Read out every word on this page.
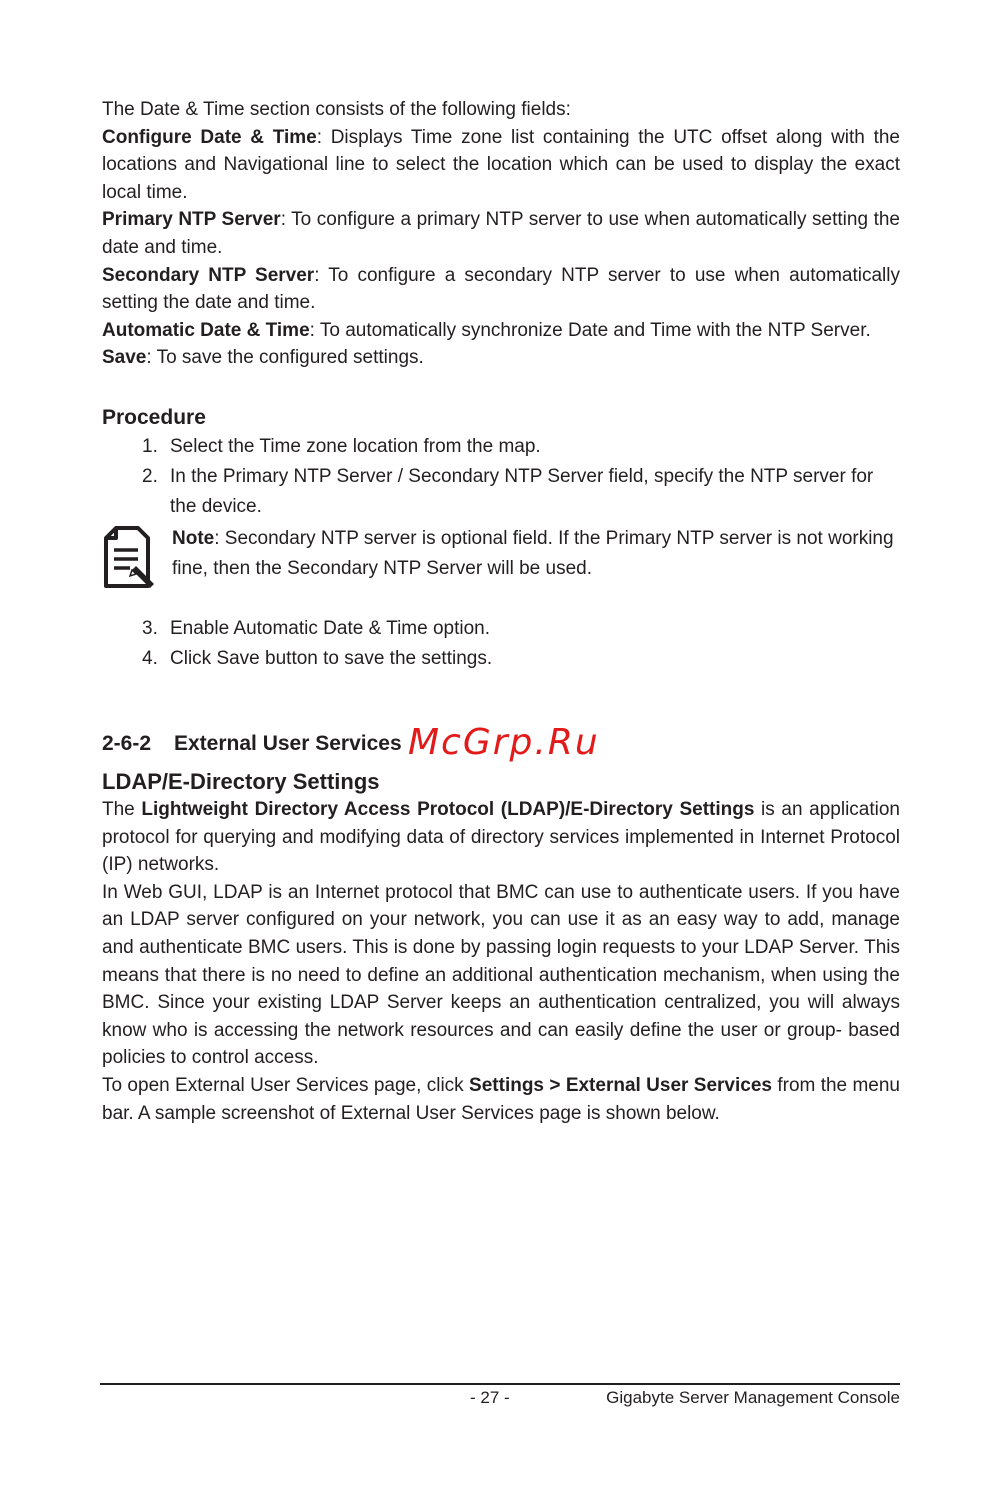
The Date & Time section consists of the following fields:

Configure Date & Time: Displays Time zone list containing the UTC offset along with the locations and Navigational line to select the location which can be used to display the exact local time.

Primary NTP Server: To configure a primary NTP server to use when automatically setting the date and time.

Secondary NTP Server: To configure a secondary NTP server to use when automatically setting the date and time.

Automatic Date & Time: To automatically synchronize Date and Time with the NTP Server.

Save: To save the configured settings.

Procedure
1. Select the Time zone location from the map.
2. In the Primary NTP Server / Secondary NTP Server field, specify the NTP server for the device.
Note: Secondary NTP server is optional field. If the Primary NTP server is not working fine, then the Secondary NTP Server will be used.
3. Enable Automatic Date & Time option.
4. Click Save button to save the settings.
2-6-2 External User Services
LDAP/E-Directory Settings

The Lightweight Directory Access Protocol (LDAP)/E-Directory Settings is an application protocol for querying and modifying data of directory services implemented in Internet Protocol (IP) networks.

In Web GUI, LDAP is an Internet protocol that BMC can use to authenticate users. If you have an LDAP server configured on your network, you can use it as an easy way to add, manage and authenticate BMC users. This is done by passing login requests to your LDAP Server. This means that there is no need to define an additional authentication mechanism, when using the BMC. Since your existing LDAP Server keeps an authentication centralized, you will always know who is accessing the network resources and can easily define the user or group- based policies to control access.

To open External User Services page, click Settings > External User Services from the menu bar. A sample screenshot of External User Services page is shown below.

McGrp.Ru
- 27 -	Gigabyte Server Management Console
